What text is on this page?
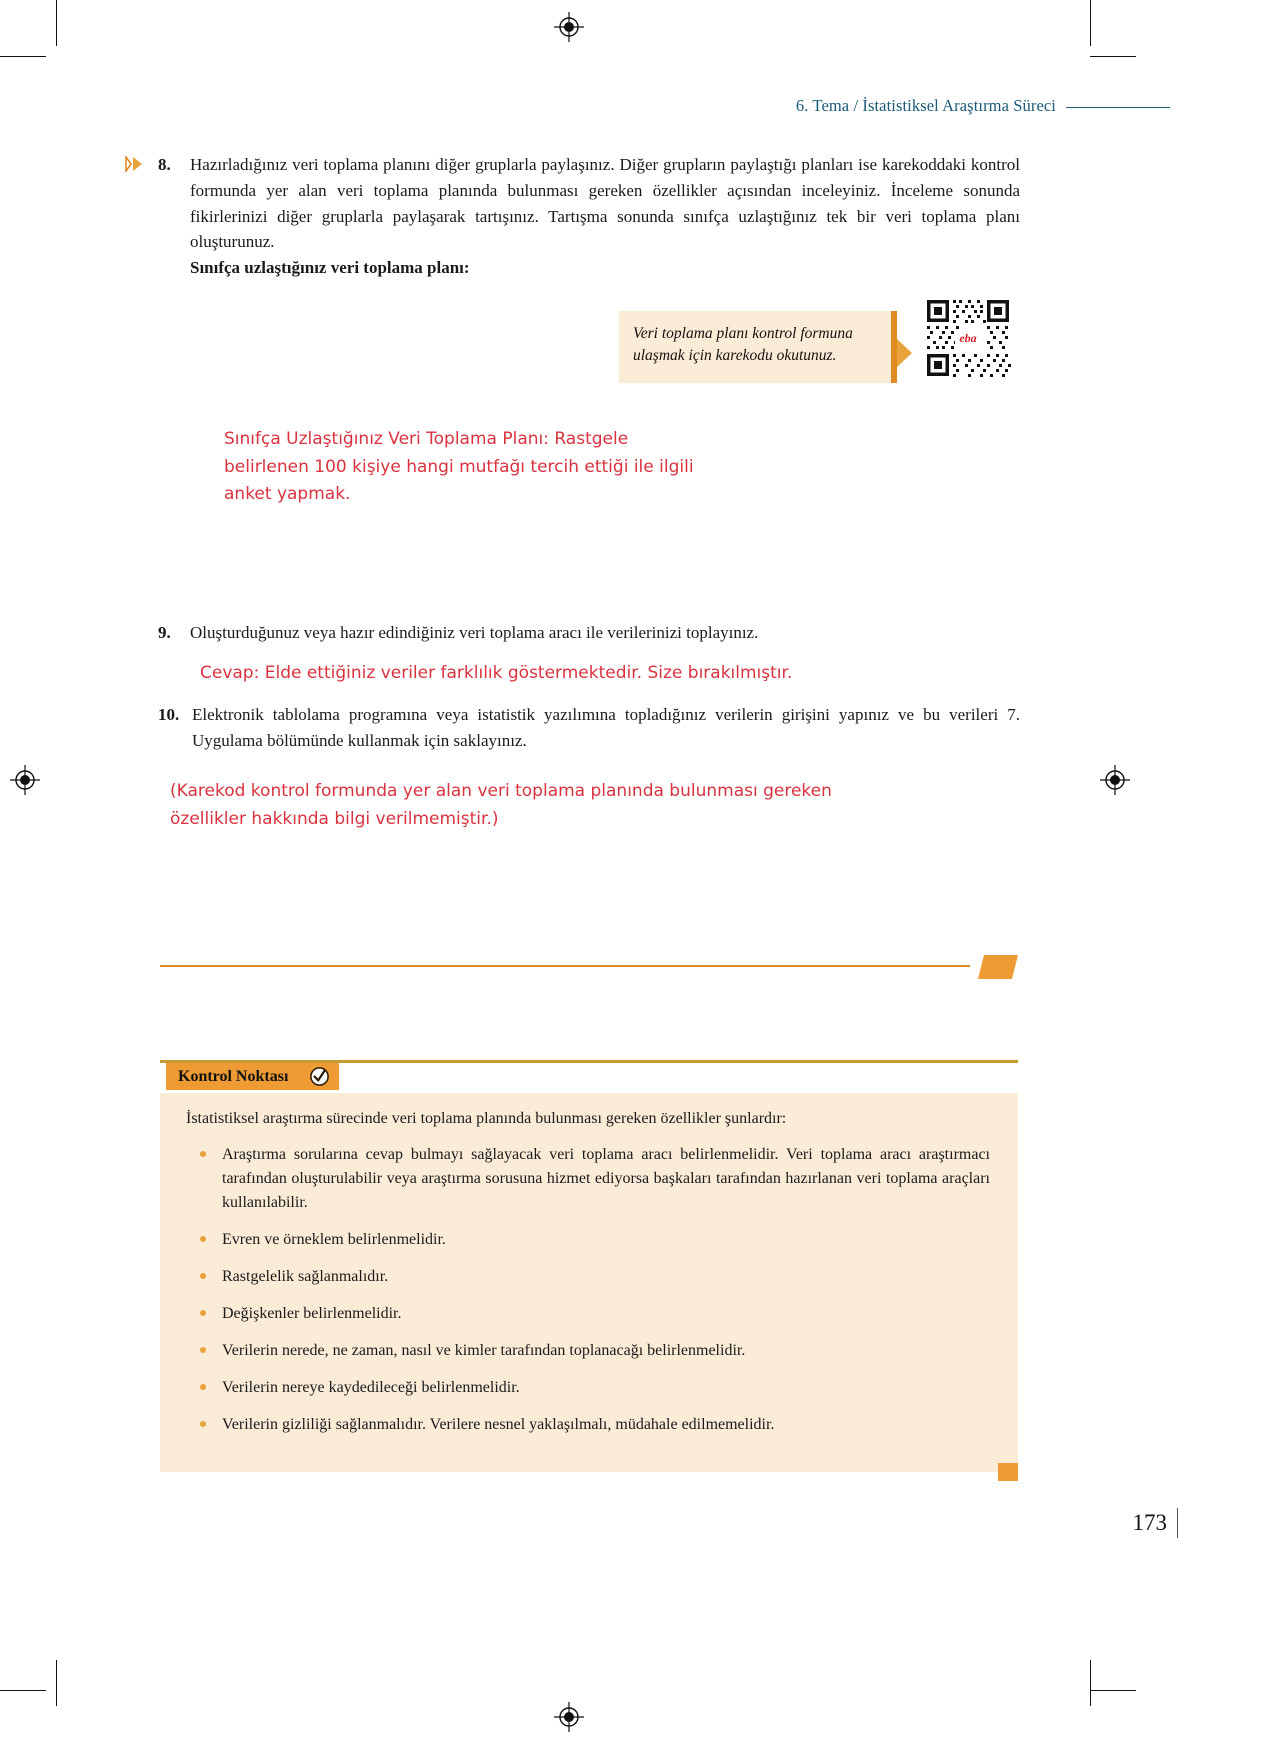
6. Tema / İstatistiksel Araştırma Süreci
8.	Hazırladığınız veri toplama planını diğer gruplarla paylaşınız. Diğer grupların paylaştığı planları ise karekoddaki kontrol formunda yer alan veri toplama planında bulunması gereken özellikler açısından inceleyiniz. İnceleme sonunda fikirlerinizi diğer gruplarla paylaşarak tartışınız. Tartışma sonunda sınıfça uzlaştığınız tek bir veri toplama planı oluşturunuz.
Sınıfça uzlaştığınız veri toplama planı:
Veri toplama planı kontrol formuna
ulaşmak için karekodu okutunuz.
eba
Sınıfça Uzlaştığınız Veri Toplama Planı: Rastgele belirlenen 100 kişiye hangi mutfağı tercih ettiği ile ilgili anket yapmak.
9.	Oluşturduğunuz veya hazır edindiğiniz veri toplama aracı ile verilerinizi toplayınız.
Cevap: Elde ettiğiniz veriler farklılık göstermektedir. Size bırakılmıştır.
10. Elektronik tablolama programına veya istatistik yazılımına topladığınız verilerin girişini yapınız ve bu verileri 7. Uygulama bölümünde kullanmak için saklayınız.
(Karekod kontrol formunda yer alan veri toplama planında bulunması gereken özellikler hakkında bilgi verilmemiştir.)
Kontrol Noktası
İstatistiksel araştırma sürecinde veri toplama planında bulunması gereken özellikler şunlardır:
Araştırma sorularına cevap bulmayı sağlayacak veri toplama aracı belirlenmelidir. Veri toplama aracı araştırmacı tarafından oluşturulabilir veya araştırma sorusuna hizmet ediyorsa başkaları tarafından hazırlanan veri toplama araçları kullanılabilir.
Evren ve örneklem belirlenmelidir.
Rastgelelik sağlanmalıdır.
Değişkenler belirlenmelidir.
Verilerin nerede, ne zaman, nasıl ve kimler tarafından toplanacağı belirlenmelidir.
Verilerin nereye kaydedileceği belirlenmelidir.
Verilerin gizliliği sağlanmalıdır. Verilere nesnel yaklaşılmalı, müdahale edilmemelidir.
173
